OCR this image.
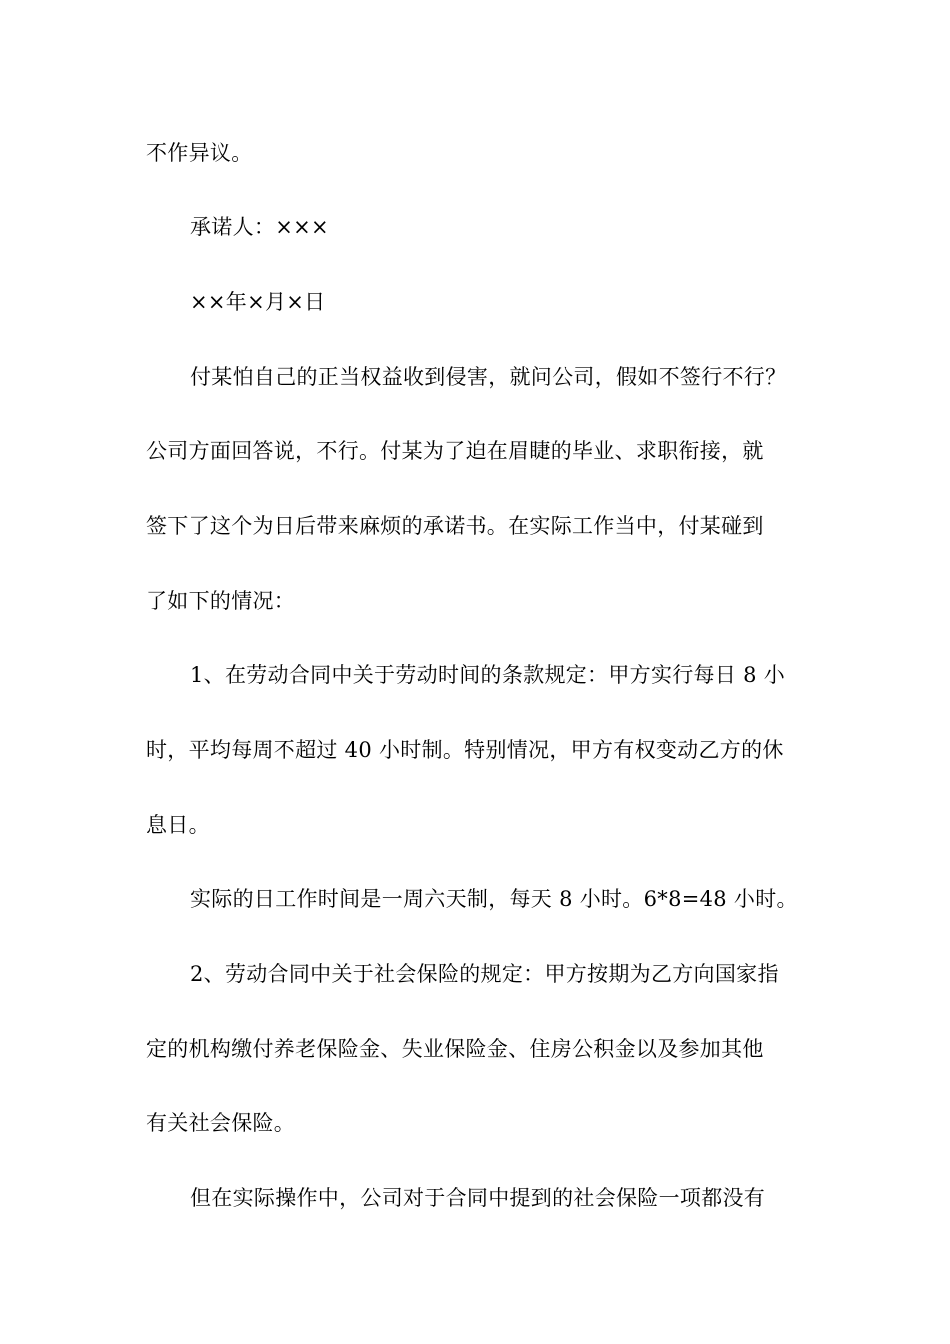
不作异议。
承诺人：×××
××年×月×日
付某怕自己的正当权益收到侵害，就问公司，假如不签行不行？
公司方面回答说，不行。付某为了迫在眉睫的毕业、求职衔接，就
签下了这个为日后带来麻烦的承诺书。在实际工作当中，付某碰到
了如下的情况：
1、在劳动合同中关于劳动时间的条款规定：甲方实行每日 8 小
时，平均每周不超过 40 小时制。特别情况，甲方有权变动乙方的休
息日。
实际的日工作时间是一周六天制，每天 8 小时。6*8=48 小时。
2、劳动合同中关于社会保险的规定：甲方按期为乙方向国家指
定的机构缴付养老保险金、失业保险金、住房公积金以及参加其他
有关社会保险。
但在实际操作中，公司对于合同中提到的社会保险一项都没有
